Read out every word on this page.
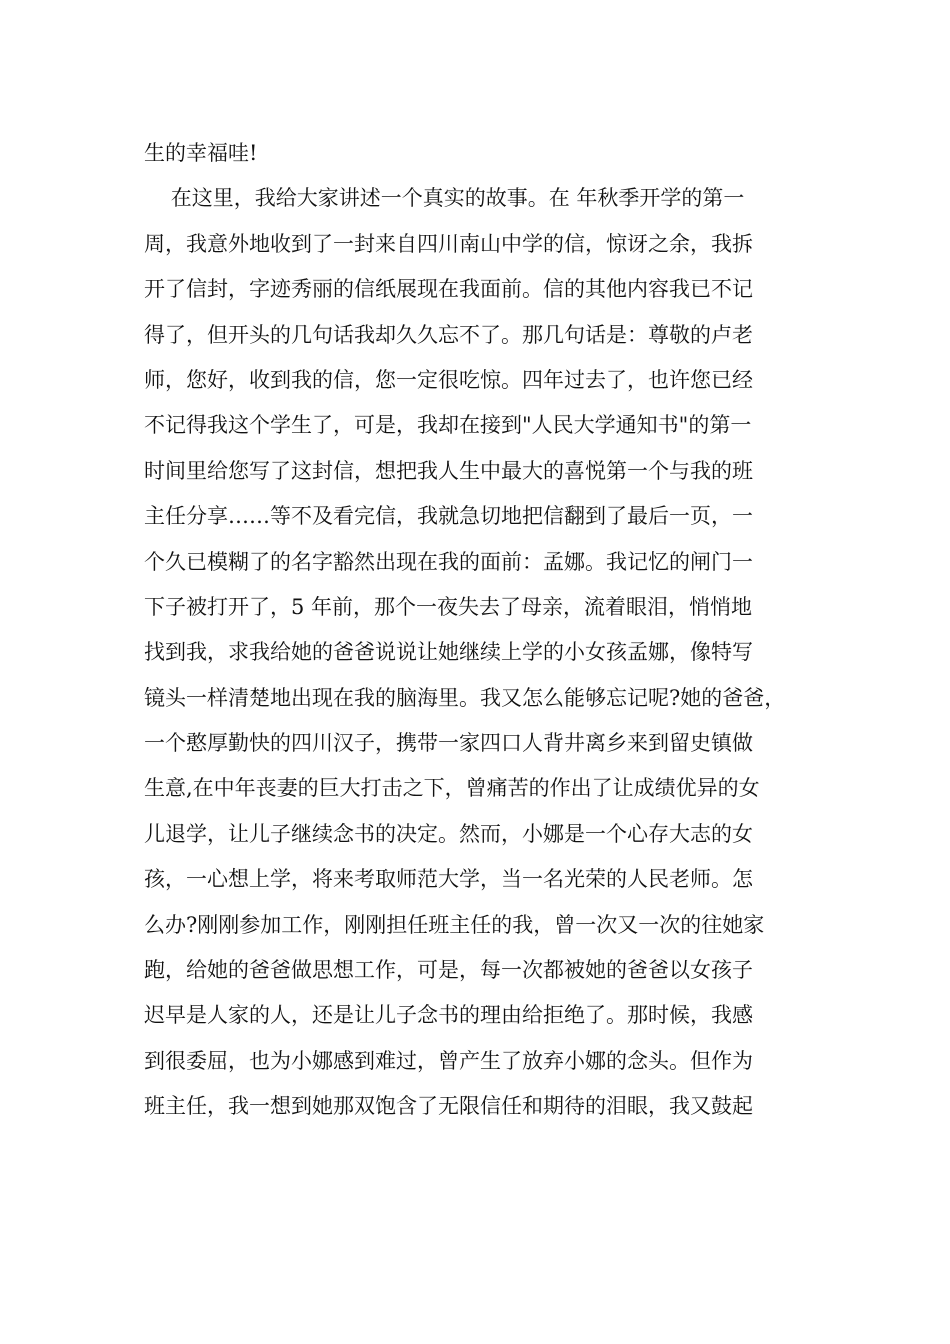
生的幸福哇!
在这里，我给大家讲述一个真实的故事。在 年秋季开学的第一
周，我意外地收到了一封来自四川南山中学的信，惊讶之余，我拆
开了信封，字迹秀丽的信纸展现在我面前。信的其他内容我已不记
得了，但开头的几句话我却久久忘不了。那几句话是：尊敬的卢老
师，您好，收到我的信，您一定很吃惊。四年过去了，也许您已经
不记得我这个学生了，可是，我却在接到"人民大学通知书"的第一
时间里给您写了这封信，想把我人生中最大的喜悦第一个与我的班
主任分享……等不及看完信，我就急切地把信翻到了最后一页，一
个久已模糊了的名字豁然出现在我的面前：孟娜。我记忆的闸门一
下子被打开了，5 年前，那个一夜失去了母亲，流着眼泪，悄悄地
找到我，求我给她的爸爸说说让她继续上学的小女孩孟娜，像特写
镜头一样清楚地出现在我的脑海里。我又怎么能够忘记呢?她的爸爸，
一个憨厚勤快的四川汉子，携带一家四口人背井离乡来到留史镇做
生意,在中年丧妻的巨大打击之下，曾痛苦的作出了让成绩优异的女
儿退学，让儿子继续念书的决定。然而，小娜是一个心存大志的女
孩，一心想上学，将来考取师范大学，当一名光荣的人民老师。怎
么办?刚刚参加工作，刚刚担任班主任的我，曾一次又一次的往她家
跑，给她的爸爸做思想工作，可是，每一次都被她的爸爸以女孩子
迟早是人家的人，还是让儿子念书的理由给拒绝了。那时候，我感
到很委屈，也为小娜感到难过，曾产生了放弃小娜的念头。但作为
班主任，我一想到她那双饱含了无限信任和期待的泪眼，我又鼓起
